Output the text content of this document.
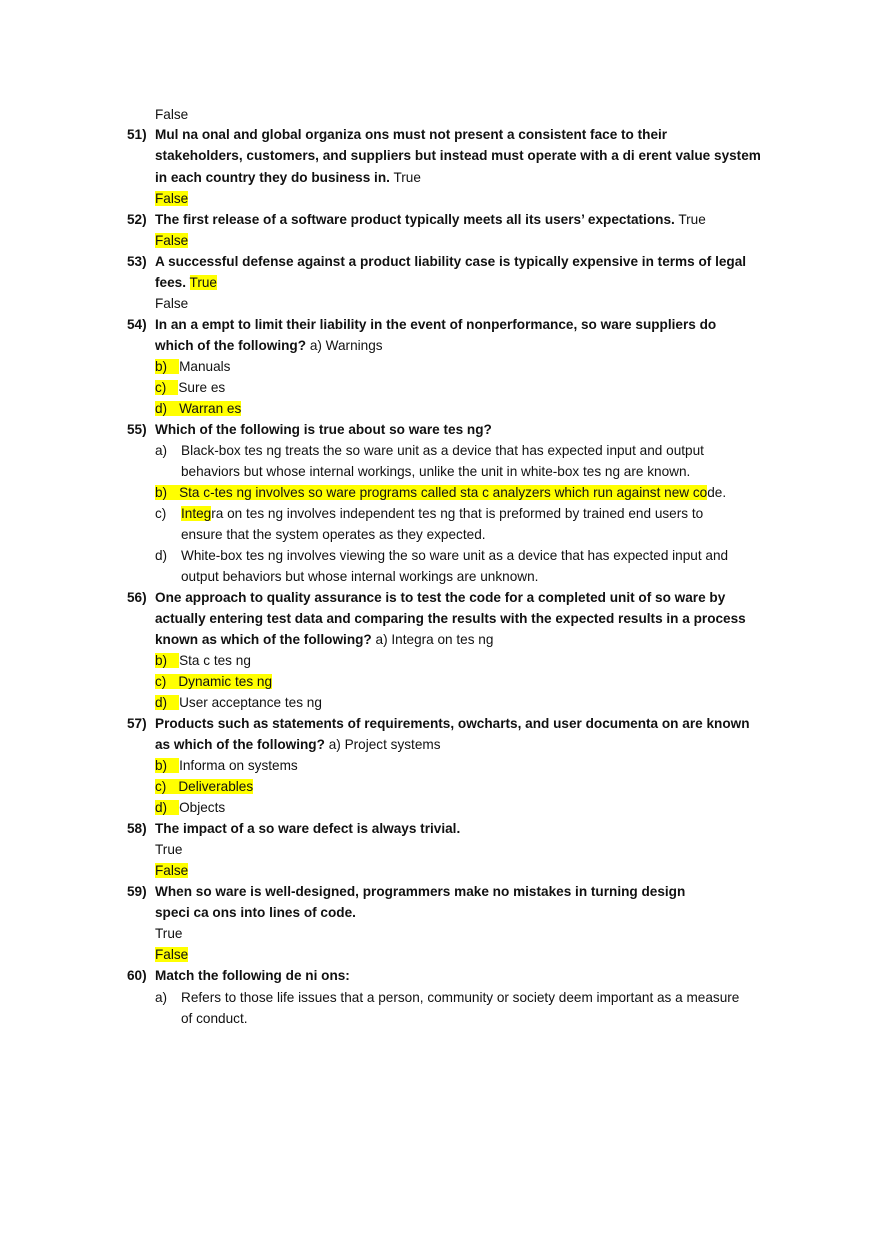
False
51) Mul na onal and global organiza ons must not present a consistent face to their
stakeholders, customers, and suppliers but instead must operate with a di erent value system
in each country they do business in. True
False
52) The first release of a software product typically meets all its users’ expectations. True
False
53) A successful defense against a product liability case is typically expensive in terms of legal
fees. True
False
54) In an a empt to limit their liability in the event of nonperformance, so ware suppliers do
which of the following? a) Warnings
b) Manuals
c) Sure es
d) Warran es
55) Which of the following is true about so ware tes ng?
a) Black-box tes ng treats the so ware unit as a device that has expected input and output
behaviors but whose internal workings, unlike the unit in white-box tes ng are known.
b) Sta c-tes ng involves so ware programs called sta c analyzers which run against new code.
c) Integra on tes ng involves independent tes ng that is preformed by trained end users to
ensure that the system operates as they expected.
d) White-box tes ng involves viewing the so ware unit as a device that has expected input and
output behaviors but whose internal workings are unknown.
56) One approach to quality assurance is to test the code for a completed unit of so ware by
actually entering test data and comparing the results with the expected results in a process
known as which of the following? a) Integra on tes ng
b) Sta c tes ng
c) Dynamic tes ng
d) User acceptance tes ng
57) Products such as statements of requirements, owcharts, and user documenta on are known
as which of the following? a) Project systems
b) Informa on systems
c) Deliverables
d) Objects
58) The impact of a so ware defect is always trivial.
True
False
59) When so ware is well-designed, programmers make no mistakes in turning design
speci ca ons into lines of code.
True
False
60) Match the following de ni ons:
a) Refers to those life issues that a person, community or society deem important as a measure
of conduct.
